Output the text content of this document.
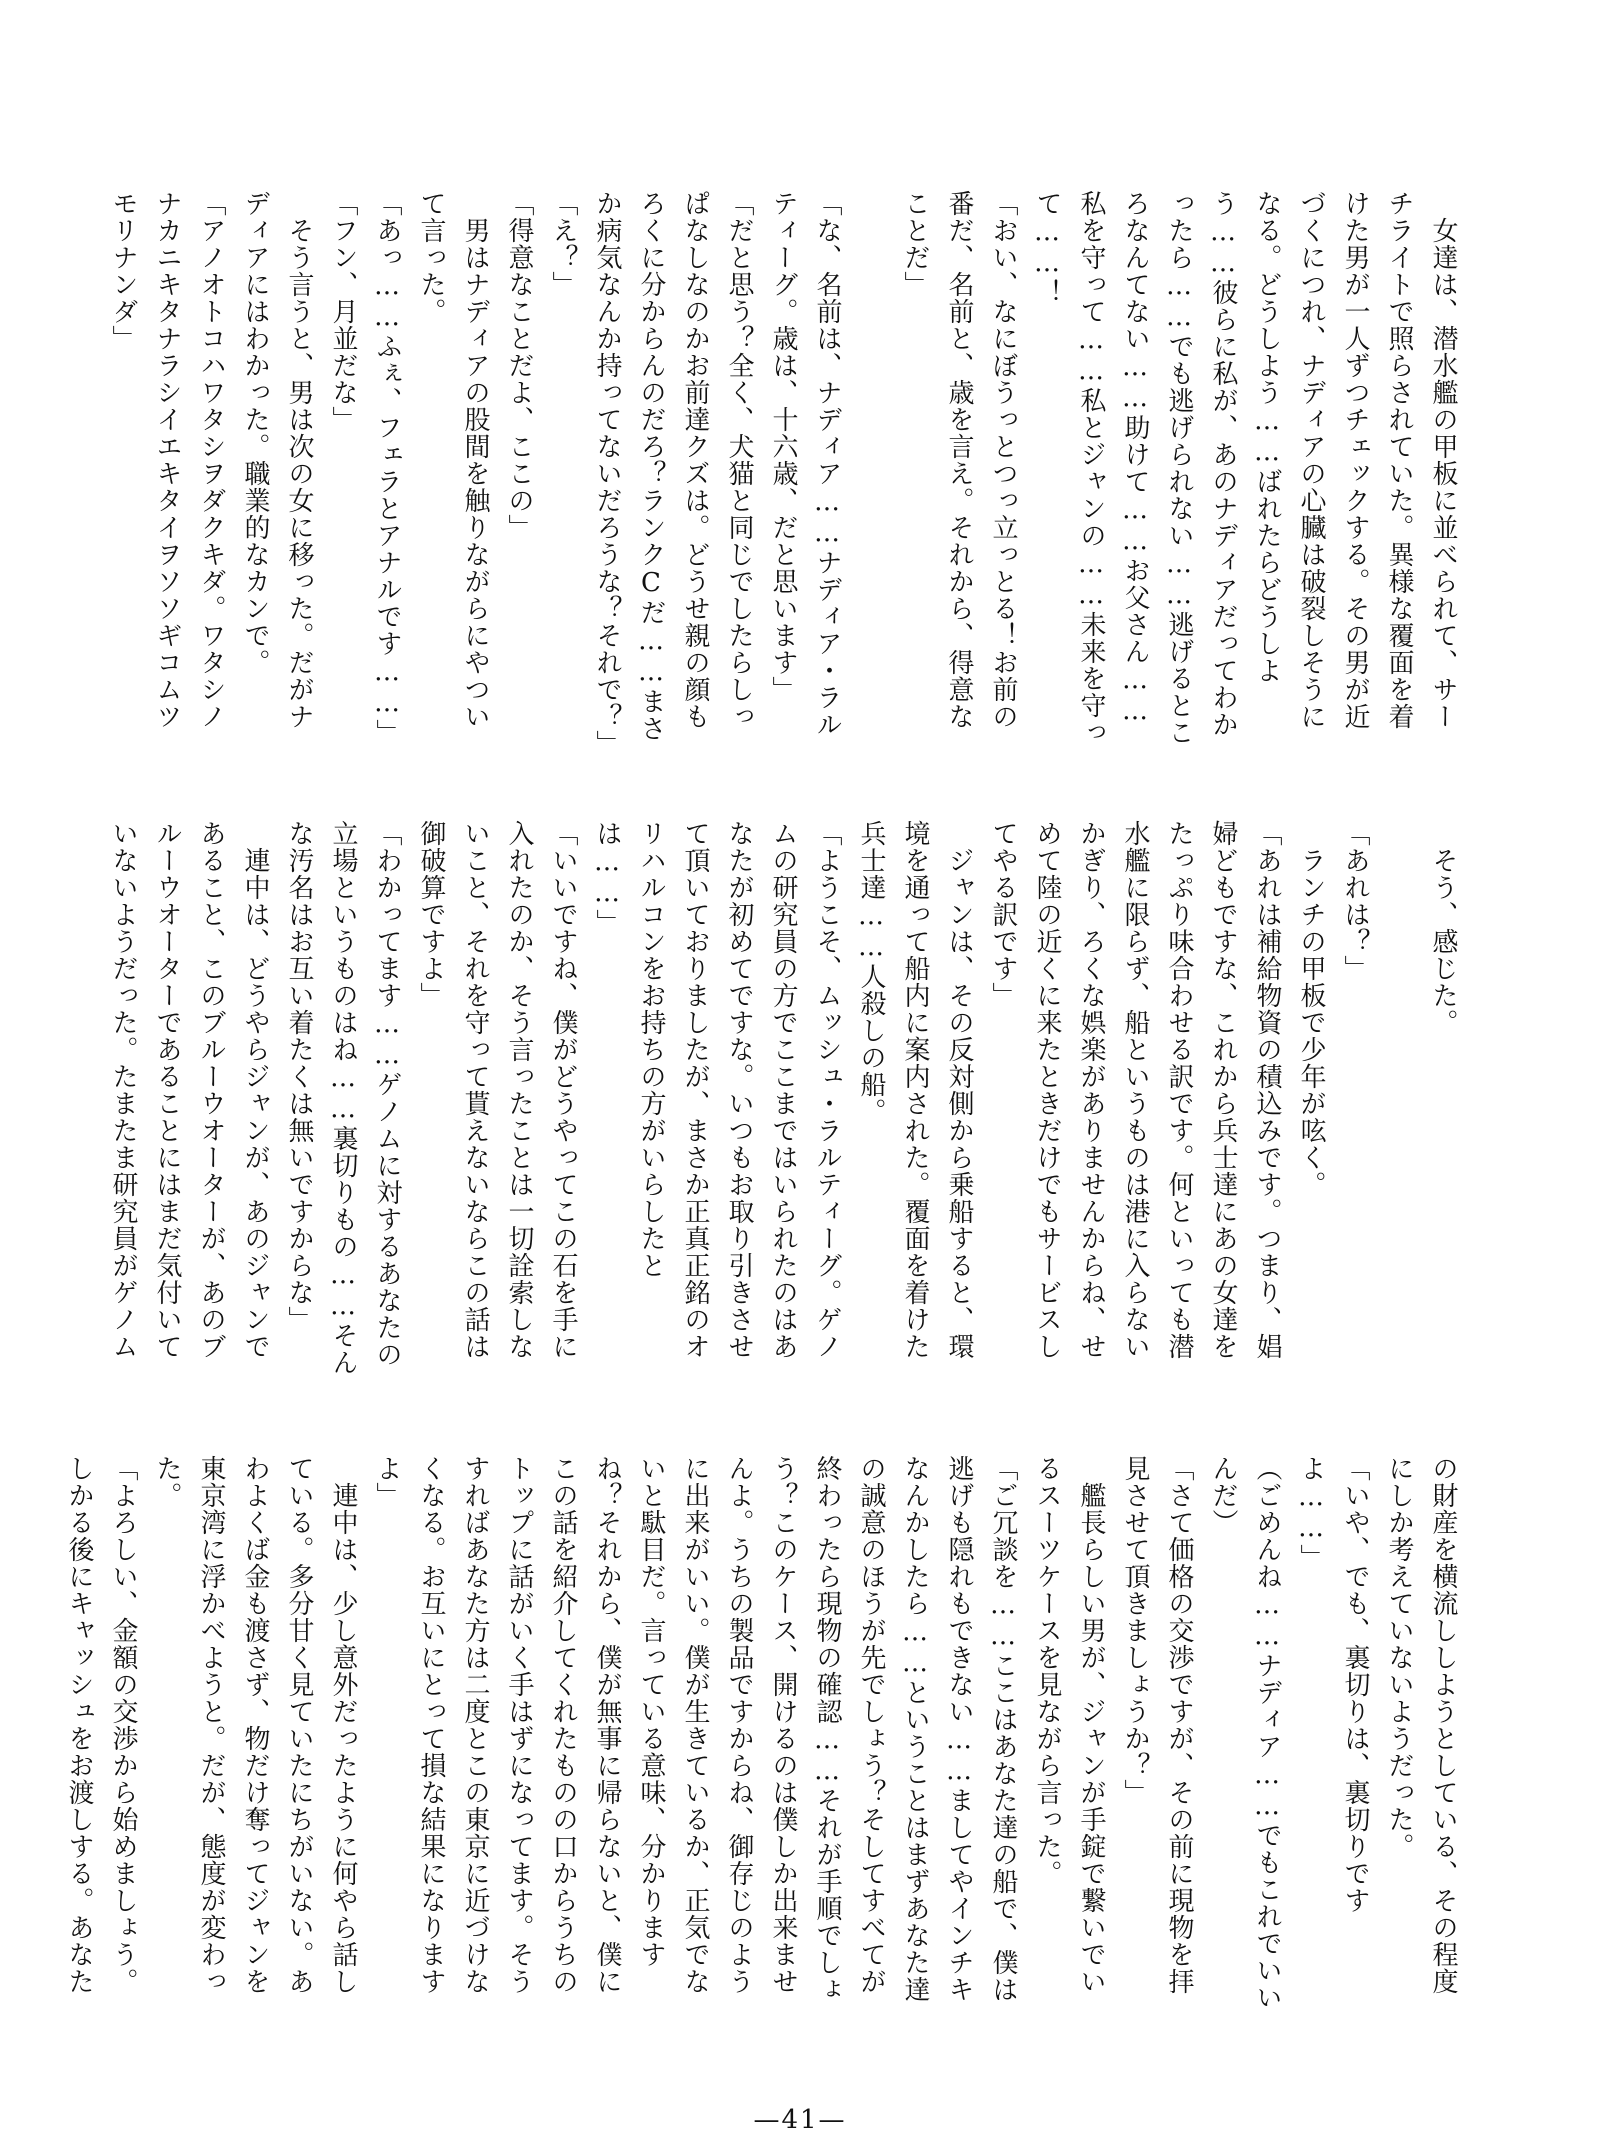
　女達は、潜水艦の甲板に並べられて、サーチライトで照らされていた。異様な覆面を着けた男が一人ずつチェックする。その男が近づくにつれ、ナディアの心臓は破裂しそうになる。どうしよう……ばれたらどうしよう……彼らに私が、あのナディアだってわかったら……でも逃げられない……逃げるところなんてない……助けて……お父さん……私を守って……私とジャンの……未来を守って……！

「おい、なにぼうっとつっ立っとる！お前の番だ、名前と、歳を言え。それから、得意なことだ」

「な、名前は、ナディア……ナディア・ラルティーグ。歳は、十六歳、だと思います」

「だと思う？全く、犬猫と同じでしたらしっぱなしなのかお前達クズは。どうせ親の顔もろくに分からんのだろ？ランクCだ……まさか病気なんか持ってないだろうな？それで？」

「え？」

「得意なことだよ、ここの」

　男はナディアの股間を触りながらにやついて言った。

「あっ……ふぇ、フェラとアナルです……」

「フン、月並だな」

　そう言うと、男は次の女に移った。だがナディアにはわかった。職業的なカンで。

「アノオトコハワタシヲダクキダ。ワタシノナカニキタナラシイエキタイヲソソギコムツモリナンダ」

　そう、感じた。

「あれは？」

　ランチの甲板で少年が呟く。

「あれは補給物資の積込みです。つまり、娼婦どもですな、これから兵士達にあの女達をたっぷり味合わせる訳です。何といっても潜水艦に限らず、船というものは港に入らないかぎり、ろくな娯楽がありませんからね、せめて陸の近くに来たときだけでもサービスしてやる訳です」

　ジャンは、その反対側から乗船すると、環境を通って船内に案内された。覆面を着けた兵士達……人殺しの船。

「ようこそ、ムッシュ・ラルティーグ。ゲノムの研究員の方でここまではいられたのはあなたが初めてですな。いつもお取り引きさせて頂いておりましたが、まさか正真正銘のオリハルコンをお持ちの方がいらしたとは……」

「いいですね、僕がどうやってこの石を手に入れたのか、そう言ったことは一切詮索しないこと、それを守って貰えないならこの話は御破算ですよ」

「わかってます……ゲノムに対するあなたの立場というものはね……裏切りもの……そんな汚名はお互い着たくは無いですからな」

　連中は、どうやらジャンが、あのジャンであること、このブルーウオーターが、あのブルーウオーターであることにはまだ気付いていないようだった。たまたま研究員がゲノム

の財産を横流ししようとしている、その程度にしか考えていないようだった。

「いや、でも、裏切りは、裏切りですよ……」

（ごめんね……ナディア……でもこれでいいんだ）

「さて価格の交渉ですが、その前に現物を拝見させて頂きましょうか？」

　艦長らしい男が、ジャンが手錠で繋いでいるスーツケースを見ながら言った。

「ご冗談を……ここはあなた達の船で、僕は逃げも隠れもできない……ましてやインチキなんかしたら……ということはまずあなた達の誠意のほうが先でしょう？そしてすべてが終わったら現物の確認……それが手順でしょう？このケース、開けるのは僕しか出来ませんよ。うちの製品ですからね、御存じのように出来がいい。僕が生きているか、正気でないと駄目だ。言っている意味、分かりますね？それから、僕が無事に帰らないと、僕にこの話を紹介してくれたものの口からうちのトップに話がいく手はずになってます。そうすればあなた方は二度とこの東京に近づけなくなる。お互いにとって損な結果になりますよ」

　連中は、少し意外だったように何やら話している。多分甘く見ていたにちがいない。あわよくば金も渡さず、物だけ奪ってジャンを東京湾に浮かべようと。だが、態度が変わった。

「よろしい、金額の交渉から始めましょう。しかる後にキャッシュをお渡しする。あなた

—41—
